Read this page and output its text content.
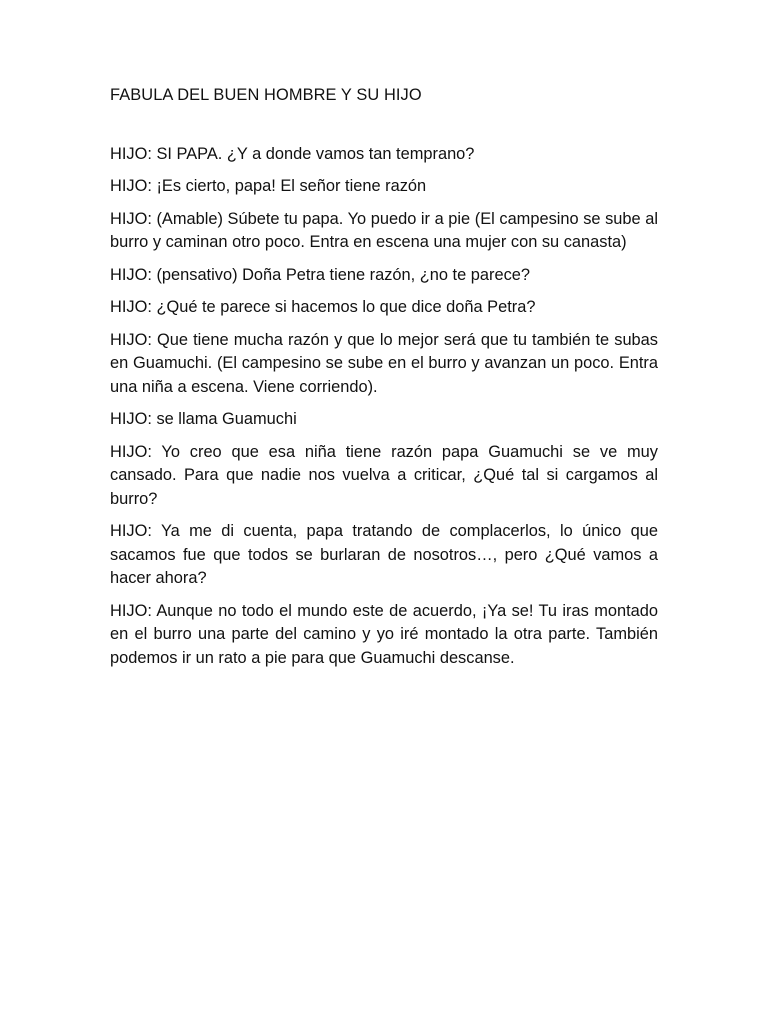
FABULA DEL BUEN HOMBRE Y SU HIJO

HIJO: SI PAPA. ¿Y a donde vamos tan temprano?

HIJO: ¡Es cierto, papa! El señor tiene razón

HIJO: (Amable) Súbete tu papa. Yo puedo ir a pie (El campesino se sube al burro y caminan otro poco. Entra en escena una mujer con su canasta)

HIJO: (pensativo) Doña Petra tiene razón, ¿no te parece?

HIJO: ¿Qué te parece si hacemos lo que dice doña Petra?

HIJO: Que tiene mucha razón y que lo mejor será que tu también te subas en Guamuchi. (El campesino se sube en el burro y avanzan un poco. Entra una niña a escena. Viene corriendo).

HIJO: se llama Guamuchi

HIJO: Yo creo que esa niña tiene razón papa Guamuchi se ve muy cansado. Para que nadie nos vuelva a criticar, ¿Qué tal si cargamos al burro?

HIJO: Ya me di cuenta, papa tratando de complacerlos, lo único que sacamos fue que todos se burlaran de nosotros…, pero ¿Qué vamos a hacer ahora?

HIJO: Aunque no todo el mundo este de acuerdo, ¡Ya se! Tu iras montado en el burro una parte del camino y yo iré montado la otra parte. También podemos ir un rato a pie para que Guamuchi descanse.
